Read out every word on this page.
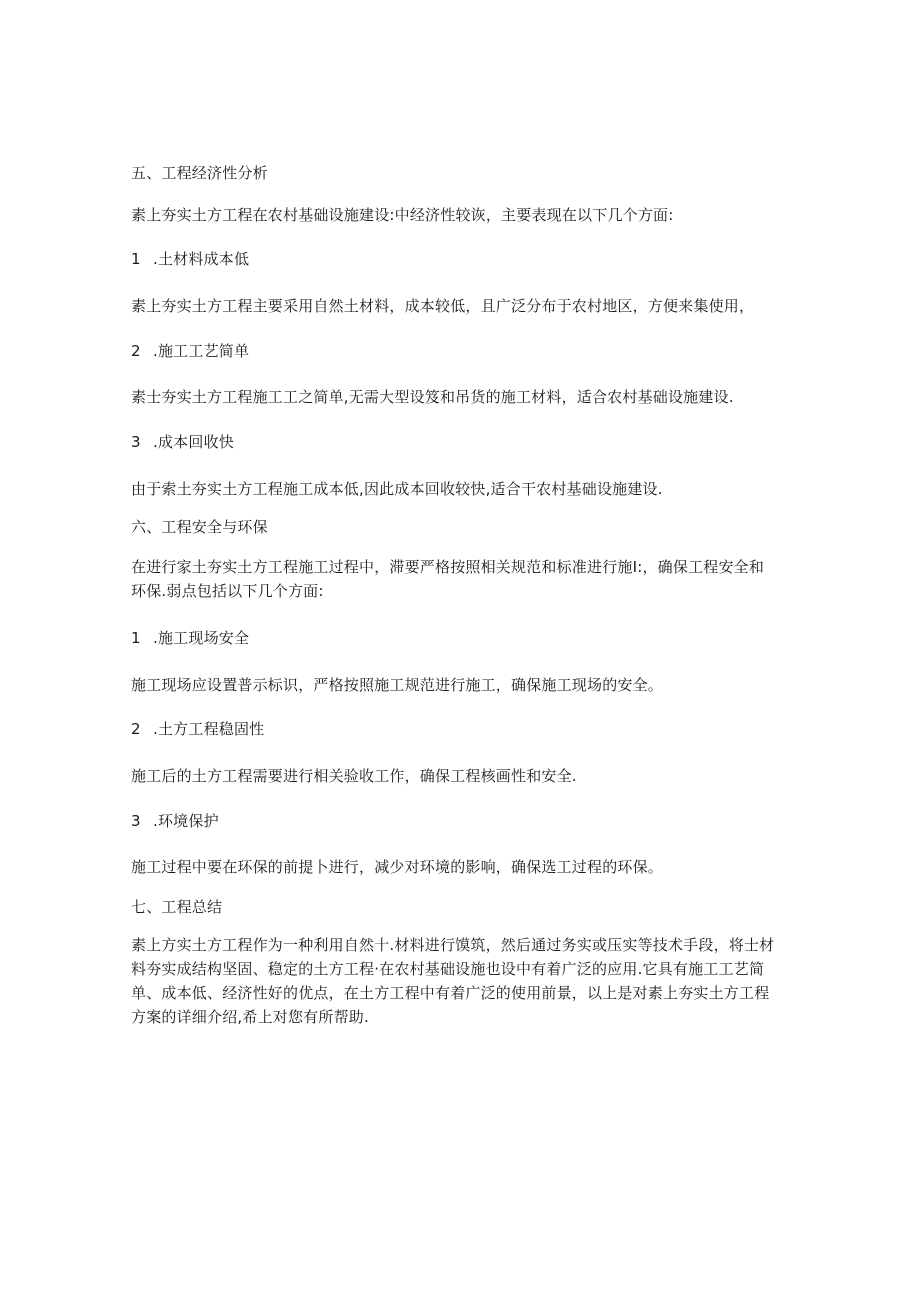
五、工程经济性分析
素上夯实土方工程在农村基础设施建设:中经济性较诙，主要表现在以下几个方面:
1 .土材料成本低
素上夯实土方工程主要采用自然土材料，成本较低，且广泛分布于农村地区，方便来集使用，
2 .施工工艺简单
素士夯实土方工程施工工之简单,无需大型设笈和吊货的施工材料，适合农村基础设施建设.
3 .成本回收快
由于索土夯实土方工程施工成本低,因此成本回收较快,适合干农村基础设施建设.
六、工程安全与环保
在进行家土夯实土方工程施工过程中，滞要严格按照相关规范和标准进行施I:，确保工程安全和
环保.弱点包括以下几个方面:
1 .施工现场安全
施工现场应设置普示标识，严格按照施工规范进行施工，确保施工现场的安全。
2 .土方工程稳固性
施工后的土方工程需要进行相关验收工作，确保工程核画性和安全.
3 .环境保护
施工过程中要在环保的前提卜进行，减少对环境的影响，确保选工过程的环保。
七、工程总结
素上方实土方工程作为一种利用自然十.材料进行馍筑，然后通过务实或压实等技术手段，将士材
料夯实成结构坚固、稳定的土方工程·在农村基础设施也设中有着广泛的应用.它具有施工工艺简
单、成本低、经济性好的优点，在土方工程中有着广泛的使用前景，以上是对素上夯实土方工程
方案的详细介绍,希上对您有所帮助.
